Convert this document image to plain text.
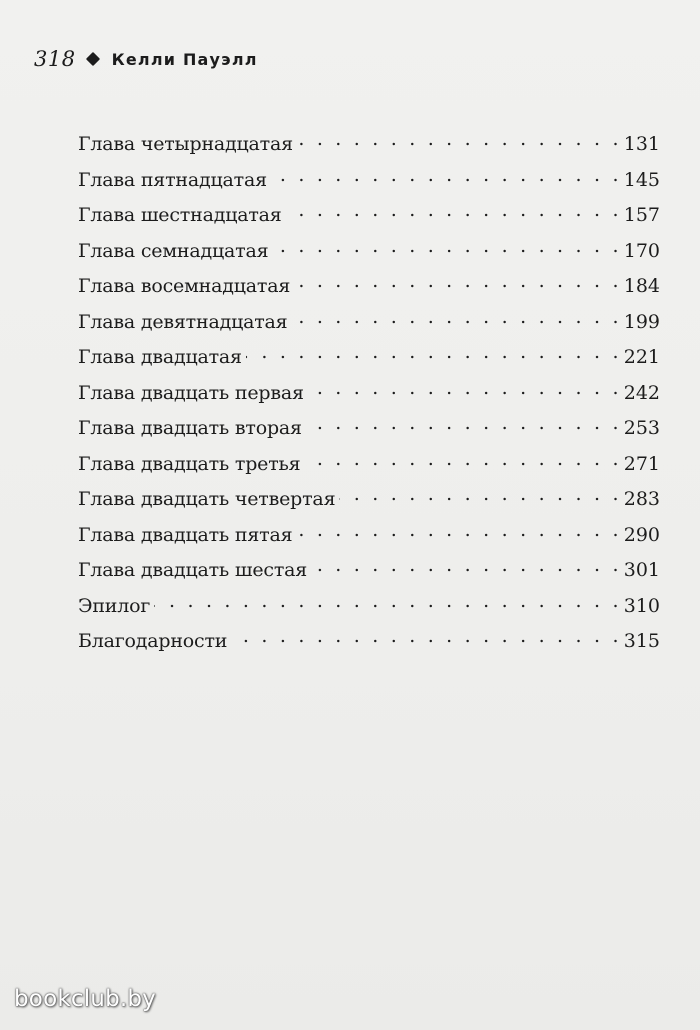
318 Келли Пауэлл
Глава четырнадцатая . . .	131
Глава пятнадцатая . . .	145
Глава шестнадцатая . . .	157
Глава семнадцатая . . .	170
Глава восемнадцатая . . .	184
Глава девятнадцатая . . .	199
Глава двадцатая . . .	221
Глава двадцать первая . . .	242
Глава двадцать вторая . . .	253
Глава двадцать третья . . .	271
Глава двадцать четвертая . . .	283
Глава двадцать пятая . . .	290
Глава двадцать шестая . . .	301
Эпилог . . .	310
Благодарности . . .	315
bookclub.by
